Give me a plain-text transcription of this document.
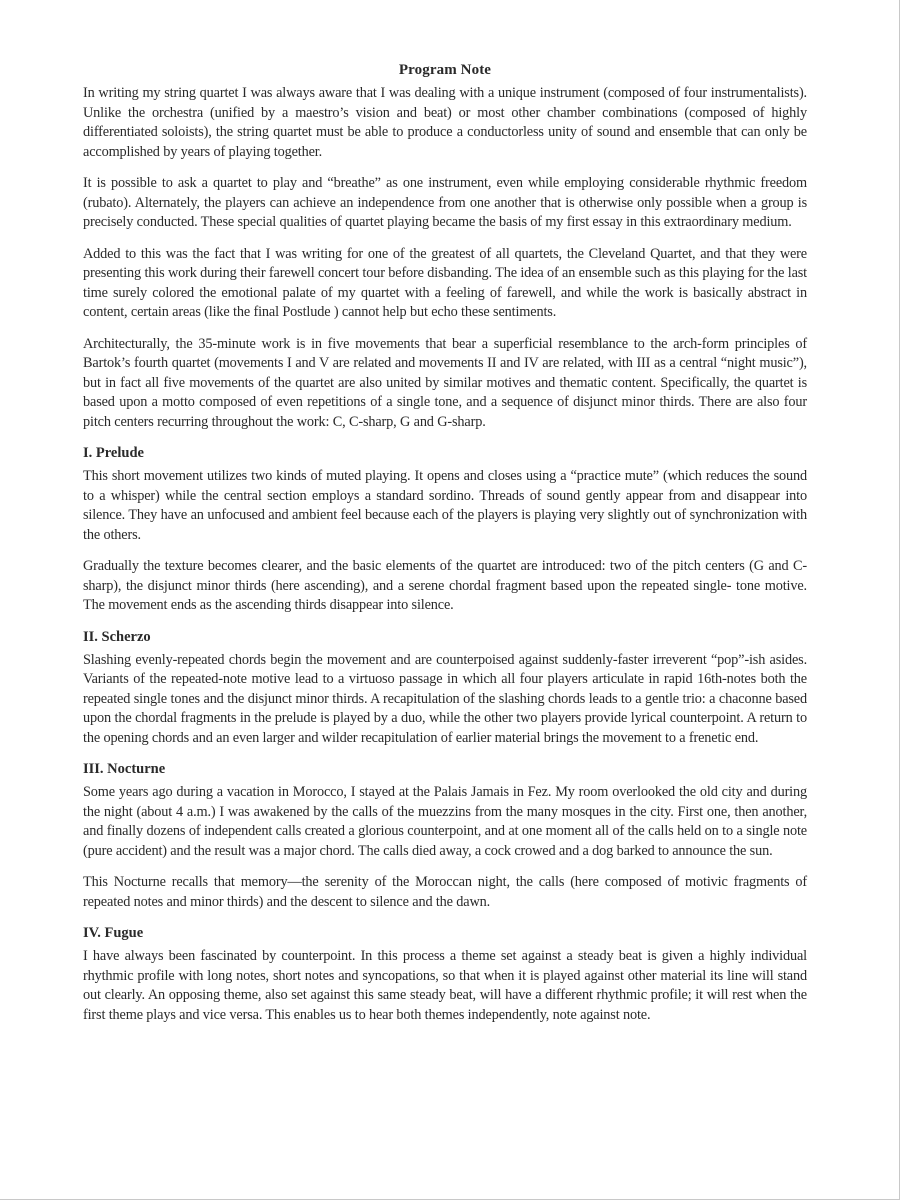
Program Note

In writing my string quartet I was always aware that I was dealing with a unique instrument (composed of four instrumentalists). Unlike the orchestra (unified by a maestro’s vision and beat) or most other chamber combinations (composed of highly differentiated soloists), the string quartet must be able to produce a conductorless unity of sound and ensemble that can only be accomplished by years of playing together.

It is possible to ask a quartet to play and “breathe” as one instrument, even while employing considerable rhythmic freedom (rubato). Alternately, the players can achieve an independence from one another that is otherwise only possible when a group is precisely conducted. These special qualities of quartet playing became the basis of my first essay in this extraordinary medium.

Added to this was the fact that I was writing for one of the greatest of all quartets, the Cleveland Quartet, and that they were presenting this work during their farewell concert tour before disbanding. The idea of an ensemble such as this playing for the last time surely colored the emotional palate of my quartet with a feeling of farewell, and while the work is basically abstract in content, certain areas (like the final Postlude ) cannot help but echo these sentiments.

Architecturally, the 35-minute work is in five movements that bear a superficial resemblance to the arch-form principles of Bartok’s fourth quartet (movements I and V are related and movements II and IV are related, with III as a central “night music”), but in fact all five movements of the quartet are also united by similar motives and thematic content. Specifically, the quartet is based upon a motto composed of even repetitions of a single tone, and a sequence of disjunct minor thirds. There are also four pitch centers recurring throughout the work: C, C-sharp, G and G-sharp.

I. Prelude

This short movement utilizes two kinds of muted playing. It opens and closes using a “practice mute” (which reduces the sound to a whisper) while the central section employs a standard sordino. Threads of sound gently appear from and disappear into silence. They have an unfocused and ambient feel because each of the players is playing very slightly out of synchronization with the others.

Gradually the texture becomes clearer, and the basic elements of the quartet are introduced: two of the pitch centers (G and C-sharp), the disjunct minor thirds (here ascending), and a serene chordal fragment based upon the repeated single- tone motive. The movement ends as the ascending thirds disappear into silence.

II. Scherzo

Slashing evenly-repeated chords begin the movement and are counterpoised against suddenly-faster irreverent “pop”-ish asides. Variants of the repeated-note motive lead to a virtuoso passage in which all four players articulate in rapid 16th-notes both the repeated single tones and the disjunct minor thirds. A recapitulation of the slashing chords leads to a gentle trio: a chaconne based upon the chordal fragments in the prelude is played by a duo, while the other two players provide lyrical counterpoint. A return to the opening chords and an even larger and wilder recapitulation of earlier material brings the movement to a frenetic end.

III. Nocturne

Some years ago during a vacation in Morocco, I stayed at the Palais Jamais in Fez. My room overlooked the old city and during the night (about 4 a.m.) I was awakened by the calls of the muezzins from the many mosques in the city. First one, then another, and finally dozens of independent calls created a glorious counterpoint, and at one moment all of the calls held on to a single note (pure accident) and the result was a major chord. The calls died away, a cock crowed and a dog barked to announce the sun.

This Nocturne recalls that memory—the serenity of the Moroccan night, the calls (here composed of motivic fragments of repeated notes and minor thirds) and the descent to silence and the dawn.

IV. Fugue

I have always been fascinated by counterpoint. In this process a theme set against a steady beat is given a highly individual rhythmic profile with long notes, short notes and syncopations, so that when it is played against other material its line will stand out clearly. An opposing theme, also set against this same steady beat, will have a different rhythmic profile; it will rest when the first theme plays and vice versa. This enables us to hear both themes independently, note against note.
